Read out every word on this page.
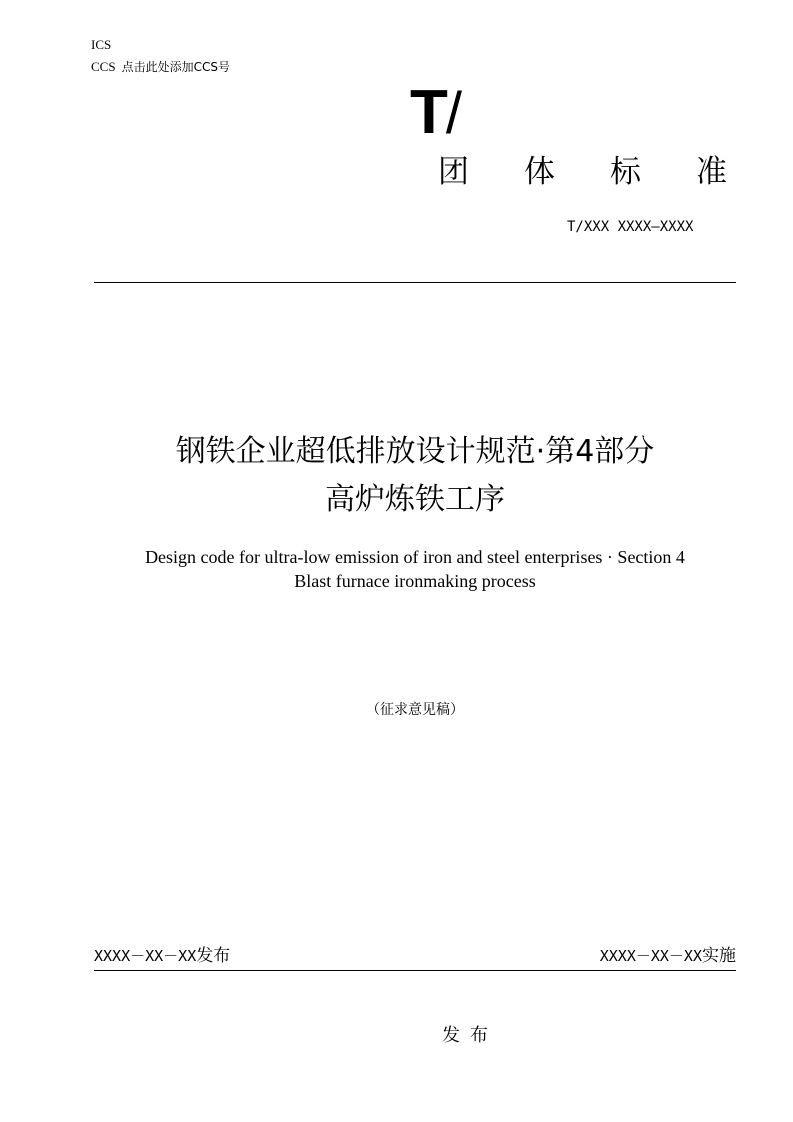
ICS
CCS 点击此处添加CCS号
T/
团体标准
T/XXX XXXX—XXXX
钢铁企业超低排放设计规范·第4部分
高炉炼铁工序
Design code for ultra-low emission of iron and steel enterprises · Section 4
Blast furnace ironmaking process
（征求意见稿）
XXXX－XX－XX发布	XXXX－XX－XX实施
发布
